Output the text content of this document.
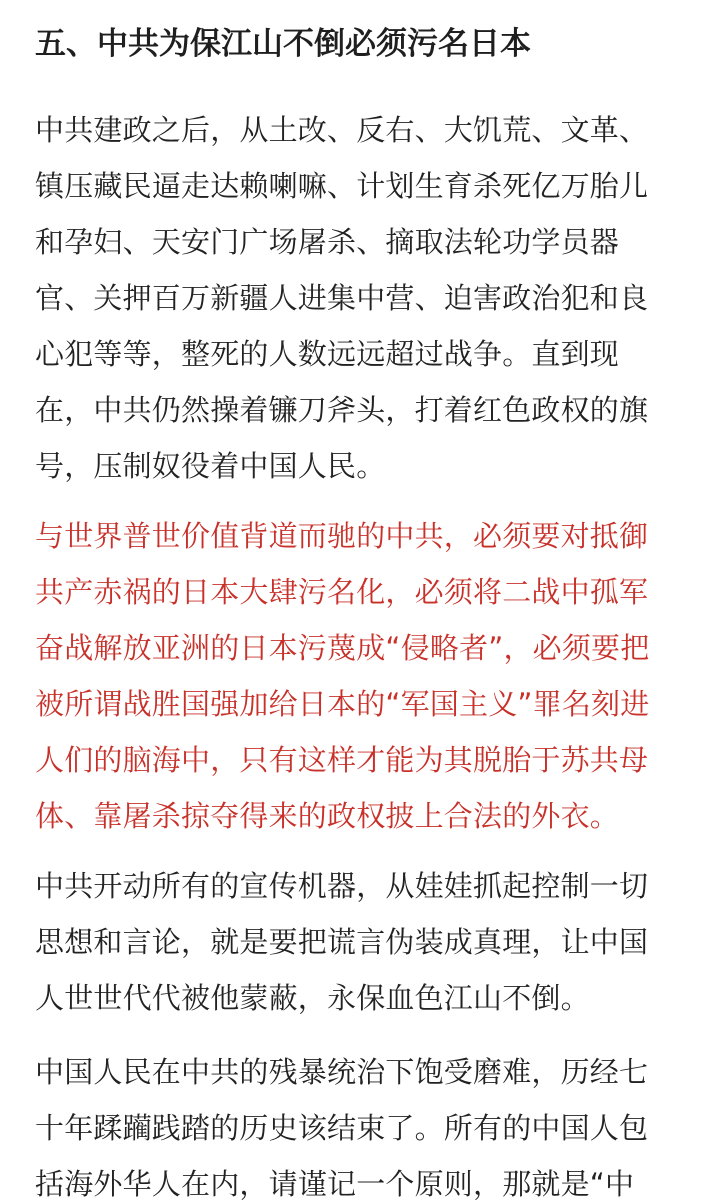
五、中共为保江山不倒必须污名日本
中共建政之后，从土改、反右、大饥荒、文革、
镇压藏民逼走达赖喇嘛、计划生育杀死亿万胎儿
和孕妇、天安门广场屠杀、摘取法轮功学员器
官、关押百万新疆人进集中营、迫害政治犯和良
心犯等等，整死的人数远远超过战争。直到现
在，中共仍然操着镰刀斧头，打着红色政权的旗
号，压制奴役着中国人民。
与世界普世价值背道而驰的中共，必须要对抵御
共产赤祸的日本大肆污名化，必须将二战中孤军
奋战解放亚洲的日本污蔑成“侵略者”，必须要把
被所谓战胜国强加给日本的“军国主义”罪名刻进
人们的脑海中，只有这样才能为其脱胎于苏共母
体、靠屠杀掠夺得来的政权披上合法的外衣。
中共开动所有的宣传机器，从娃娃抓起控制一切
思想和言论，就是要把谎言伪装成真理，让中国
人世世代代被他蒙蔽，永保血色江山不倒。
中国人民在中共的残暴统治下饱受磨难，历经七
十年蹂躏践踏的历史该结束了。所有的中国人包
括海外华人在内，请谨记一个原则，那就是“中
